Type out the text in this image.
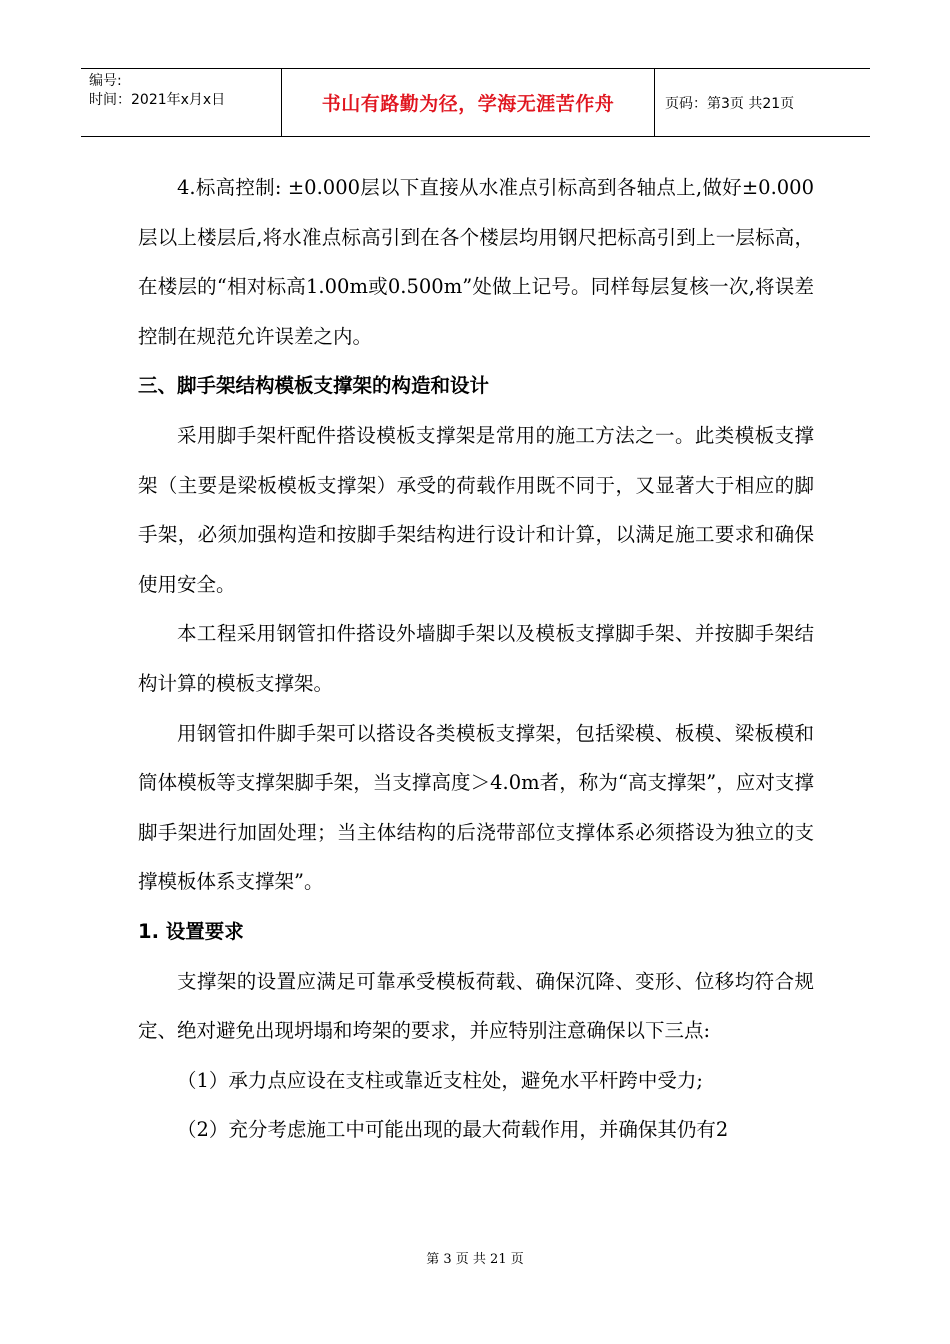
编号:
时间：2021年x月x日	书山有路勤为径，学海无涯苦作舟	页码：第3页 共21页

4.标高控制: ±0.000层以下直接从水准点引标高到各轴点上,做好±0.000层以上楼层后,将水准点标高引到在各个楼层均用钢尺把标高引到上一层标高，在楼层的“相对标高1.00m或0.500m”处做上记号。同样每层复核一次,将误差控制在规范允许误差之内。

三、脚手架结构模板支撑架的构造和设计

采用脚手架杆配件搭设模板支撑架是常用的施工方法之一。此类模板支撑架（主要是梁板模板支撑架）承受的荷载作用既不同于，又显著大于相应的脚手架，必须加强构造和按脚手架结构进行设计和计算，以满足施工要求和确保使用安全。

本工程采用钢管扣件搭设外墙脚手架以及模板支撑脚手架、并按脚手架结构计算的模板支撑架。

用钢管扣件脚手架可以搭设各类模板支撑架，包括梁模、板模、梁板模和筒体模板等支撑架脚手架，当支撑高度＞4.0m者，称为“高支撑架”，应对支撑脚手架进行加固处理；当主体结构的后浇带部位支撑体系必须搭设为独立的支撑模板体系支撑架”。

1. 设置要求

支撑架的设置应满足可靠承受模板荷载、确保沉降、变形、位移均符合规定、绝对避免出现坍塌和垮架的要求，并应特别注意确保以下三点:

（1）承力点应设在支柱或靠近支柱处，避免水平杆跨中受力;

（2）充分考虑施工中可能出现的最大荷载作用，并确保其仍有2

第 3 页 共 21 页
